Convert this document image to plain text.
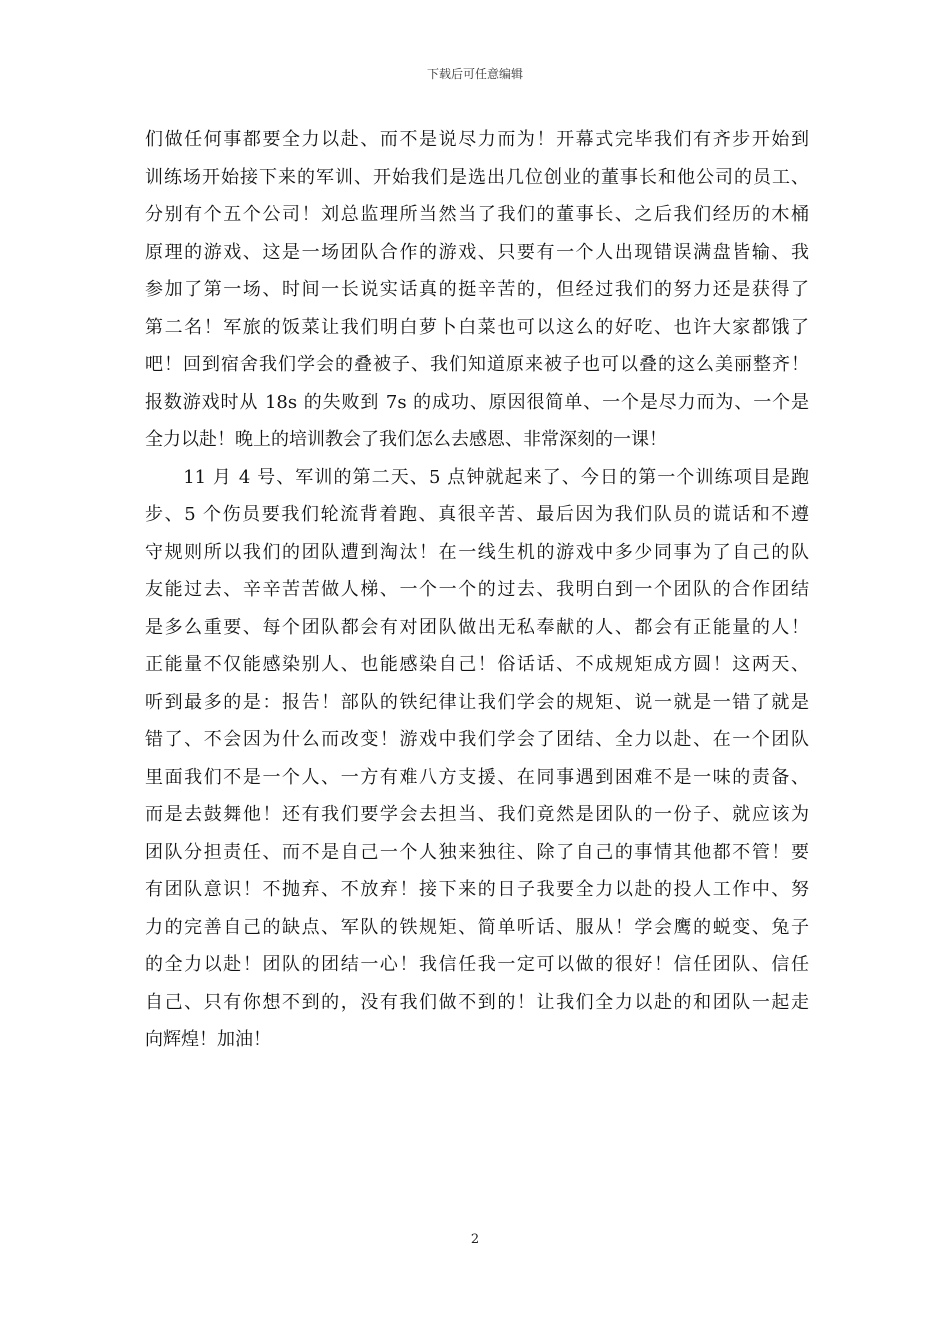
下载后可任意编辑
们做任何事都要全力以赴、而不是说尽力而为！开幕式完毕我们有齐步开始到
训练场开始接下来的军训、开始我们是选出几位创业的董事长和他公司的员工、
分别有个五个公司！刘总监理所当然当了我们的董事长、之后我们经历的木桶
原理的游戏、这是一场团队合作的游戏、只要有一个人出现错误满盘皆输、我
参加了第一场、时间一长说实话真的挺辛苦的，但经过我们的努力还是获得了
第二名！军旅的饭菜让我们明白萝卜白菜也可以这么的好吃、也许大家都饿了
吧！回到宿舍我们学会的叠被子、我们知道原来被子也可以叠的这么美丽整齐！
报数游戏时从 18s 的失败到 7s 的成功、原因很简单、一个是尽力而为、一个是
全力以赴！晚上的培训教会了我们怎么去感恩、非常深刻的一课！
　　11 月 4 号、军训的第二天、5 点钟就起来了、今日的第一个训练项目是跑
步、5 个伤员要我们轮流背着跑、真很辛苦、最后因为我们队员的谎话和不遵
守规则所以我们的团队遭到淘汰！在一线生机的游戏中多少同事为了自己的队
友能过去、辛辛苦苦做人梯、一个一个的过去、我明白到一个团队的合作团结
是多么重要、每个团队都会有对团队做出无私奉献的人、都会有正能量的人！
正能量不仅能感染别人、也能感染自己！俗话话、不成规矩成方圆！这两天、
听到最多的是：报告！部队的铁纪律让我们学会的规矩、说一就是一错了就是
错了、不会因为什么而改变！游戏中我们学会了团结、全力以赴、在一个团队
里面我们不是一个人、一方有难八方支援、在同事遇到困难不是一味的责备、
而是去鼓舞他！还有我们要学会去担当、我们竟然是团队的一份子、就应该为
团队分担责任、而不是自己一个人独来独往、除了自己的事情其他都不管！要
有团队意识！不抛弃、不放弃！接下来的日子我要全力以赴的投人工作中、努
力的完善自己的缺点、军队的铁规矩、简单听话、服从！学会鹰的蜕变、兔子
的全力以赴！团队的团结一心！我信任我一定可以做的很好！信任团队、信任
自己、只有你想不到的，没有我们做不到的！让我们全力以赴的和团队一起走
向辉煌！加油！
2
